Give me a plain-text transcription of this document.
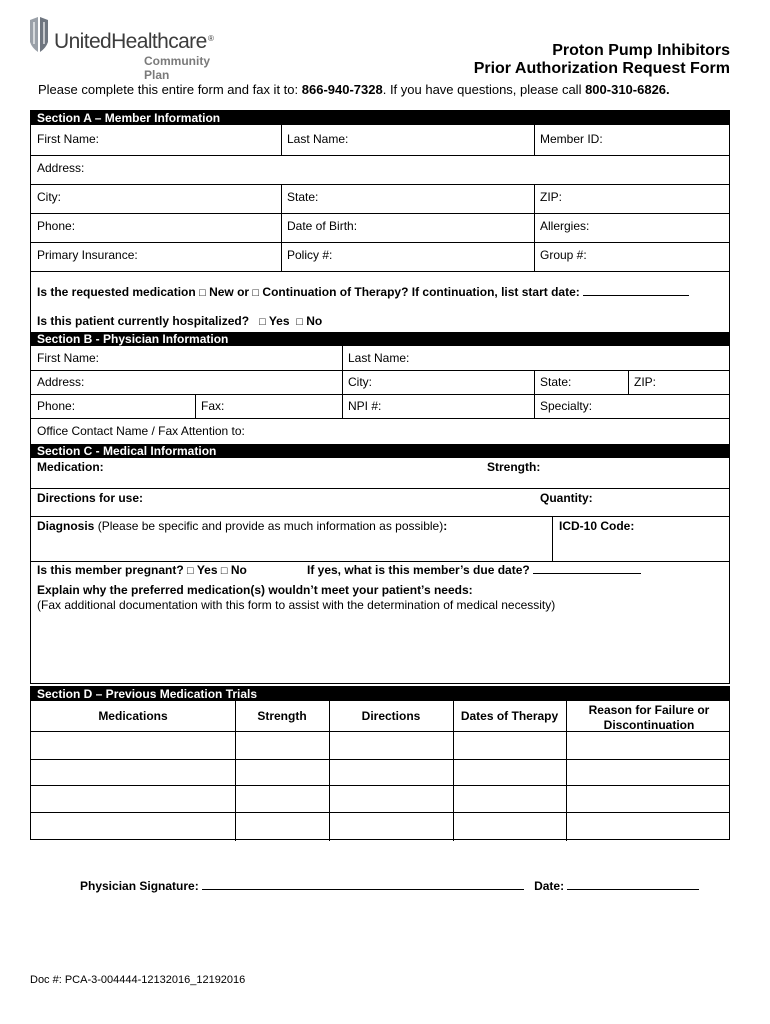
UnitedHealthcare ®
Community Plan
Proton Pump Inhibitors
Prior Authorization Request Form
Please complete this entire form and fax it to: 866-940-7328. If you have questions, please call 800-310-6826.
Section A – Member Information
First Name:	Last Name:	Member ID:
Address:
City:	State:	ZIP:
Phone:	Date of Birth:	Allergies:
Primary Insurance:	Policy #:	Group #:
Is the requested medication □ New or □ Continuation of Therapy? If continuation, list start date:
Is this patient currently hospitalized? □ Yes □ No
Section B - Physician Information
First Name:	Last Name:
Address:	City:	State:	ZIP:
Phone:	Fax:	NPI #:	Specialty:
Office Contact Name / Fax Attention to:
Section C - Medical Information
Medication:	Strength:
Directions for use:	Quantity:
Diagnosis (Please be specific and provide as much information as possible):	ICD-10 Code:
Is this member pregnant? □ Yes □ No	If yes, what is this member’s due date?
Explain why the preferred medication(s) wouldn’t meet your patient’s needs:
(Fax additional documentation with this form to assist with the determination of medical necessity)
Section D – Previous Medication Trials
Medications	Strength	Directions	Dates of Therapy	Reason for Failure or Discontinuation
Physician Signature:	Date:
Doc #: PCA-3-004444-12132016_12192016
